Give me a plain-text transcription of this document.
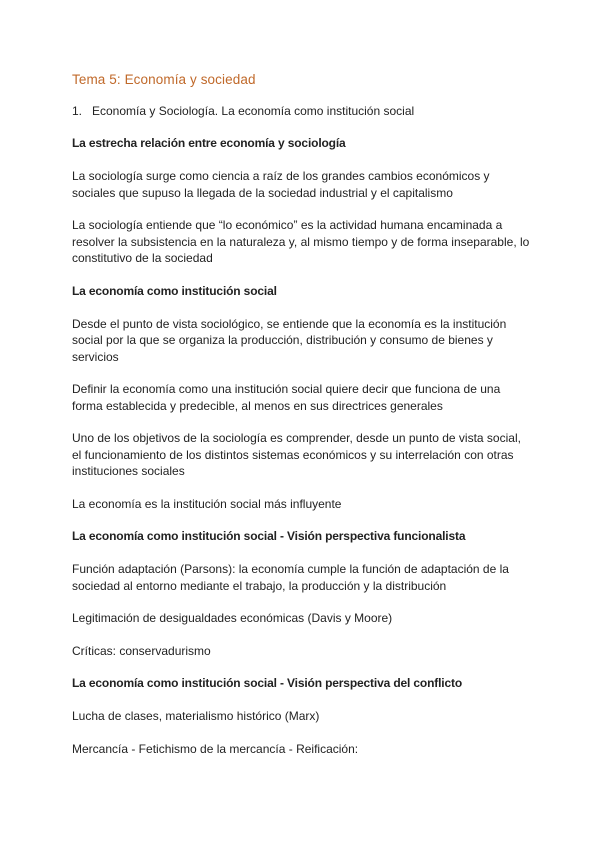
Tema 5: Economía y sociedad
1. Economía y Sociología. La economía como institución social
La estrecha relación entre economía y sociología
La sociología surge como ciencia a raíz de los grandes cambios económicos y sociales que supuso la llegada de la sociedad industrial y el capitalismo
La sociología entiende que “lo económico” es la actividad humana encaminada a resolver la subsistencia en la naturaleza y, al mismo tiempo y de forma inseparable, lo constitutivo de la sociedad
La economía como institución social
Desde el punto de vista sociológico, se entiende que la economía es la institución social por la que se organiza la producción, distribución y consumo de bienes y servicios
Definir la economía como una institución social quiere decir que funciona de una forma establecida y predecible, al menos en sus directrices generales
Uno de los objetivos de la sociología es comprender, desde un punto de vista social, el funcionamiento de los distintos sistemas económicos y su interrelación con otras instituciones sociales
La economía es la institución social más influyente
La economía como institución social - Visión perspectiva funcionalista
Función adaptación (Parsons): la economía cumple la función de adaptación de la sociedad al entorno mediante el trabajo, la producción y la distribución
Legitimación de desigualdades económicas (Davis y Moore)
Críticas: conservadurismo
La economía como institución social - Visión perspectiva del conflicto
Lucha de clases, materialismo histórico (Marx)
Mercancía - Fetichismo de la mercancía - Reificación:
